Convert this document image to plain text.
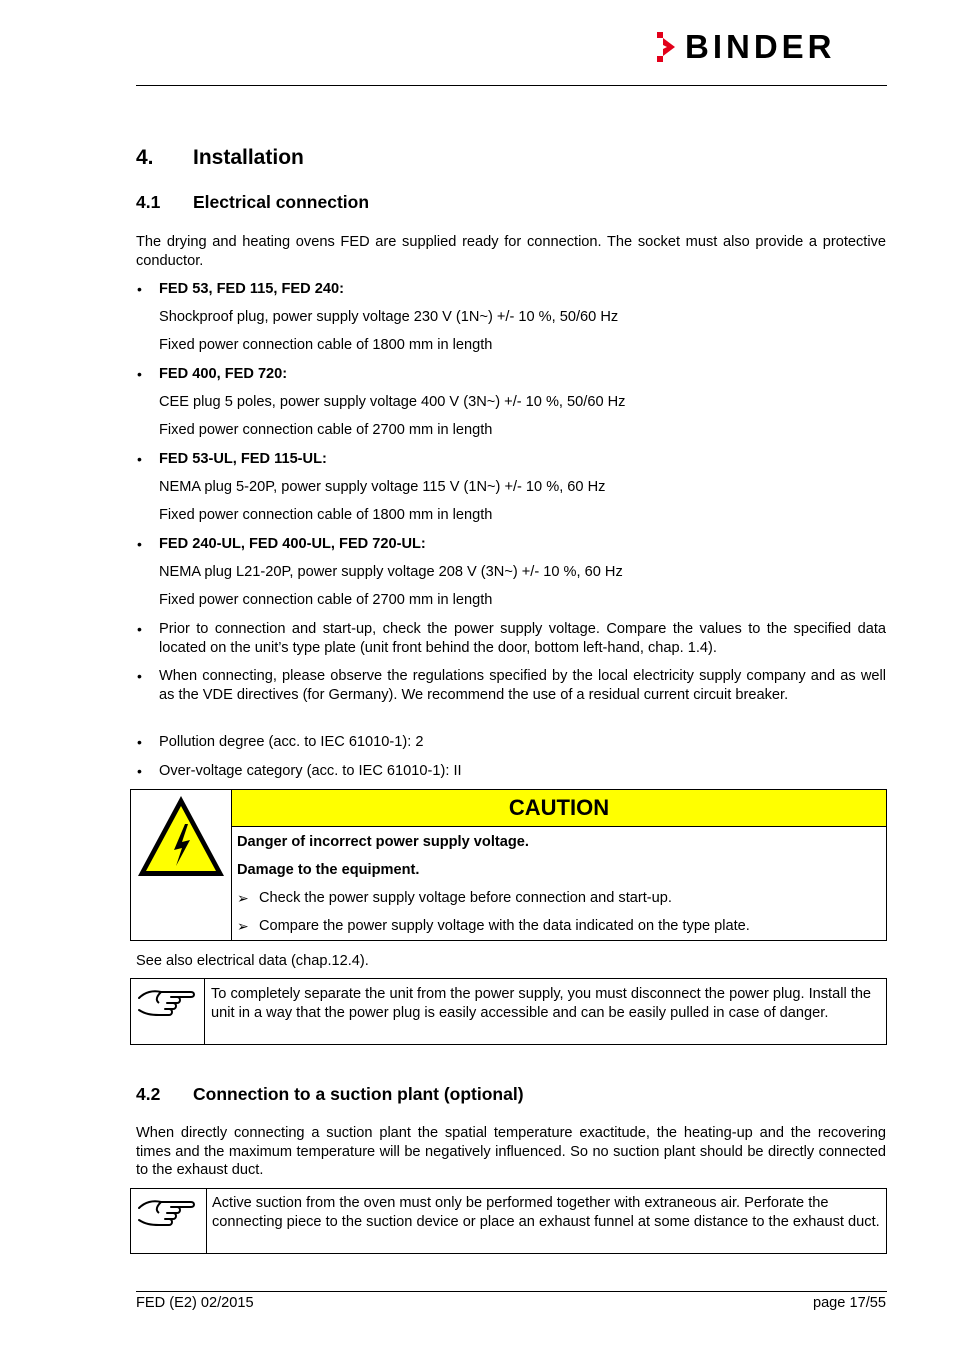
BINDER
4. Installation
4.1 Electrical connection
The drying and heating ovens FED are supplied ready for connection. The socket must also provide a protective conductor.
• FED 53, FED 115, FED 240:
Shockproof plug, power supply voltage 230 V (1N~) +/- 10 %, 50/60 Hz
Fixed power connection cable of 1800 mm in length
• FED 400, FED 720:
CEE plug 5 poles, power supply voltage 400 V (3N~) +/- 10 %, 50/60 Hz
Fixed power connection cable of 2700 mm in length
• FED 53-UL, FED 115-UL:
NEMA plug 5-20P, power supply voltage 115 V (1N~) +/- 10 %, 60 Hz
Fixed power connection cable of 1800 mm in length
• FED 240-UL, FED 400-UL, FED 720-UL:
NEMA plug L21-20P, power supply voltage 208 V (3N~) +/- 10 %, 60 Hz
Fixed power connection cable of 2700 mm in length
• Prior to connection and start-up, check the power supply voltage. Compare the values to the specified data located on the unit’s type plate (unit front behind the door, bottom left-hand, chap. 1.4).
• When connecting, please observe the regulations specified by the local electricity supply company and as well as the VDE directives (for Germany). We recommend the use of a residual current circuit breaker.
• Pollution degree (acc. to IEC 61010-1): 2
• Over-voltage category (acc. to IEC 61010-1): II
CAUTION
Danger of incorrect power supply voltage.
Damage to the equipment.
➢ Check the power supply voltage before connection and start-up.
➢ Compare the power supply voltage with the data indicated on the type plate.
See also electrical data (chap.12.4).
To completely separate the unit from the power supply, you must disconnect the power plug. Install the unit in a way that the power plug is easily accessible and can be easily pulled in case of danger.
4.2 Connection to a suction plant (optional)
When directly connecting a suction plant the spatial temperature exactitude, the heating-up and the recovering times and the maximum temperature will be negatively influenced. So no suction plant should be directly connected to the exhaust duct.
Active suction from the oven must only be performed together with extraneous air. Perforate the connecting piece to the suction device or place an exhaust funnel at some distance to the exhaust duct.
FED (E2) 02/2015	page 17/55
